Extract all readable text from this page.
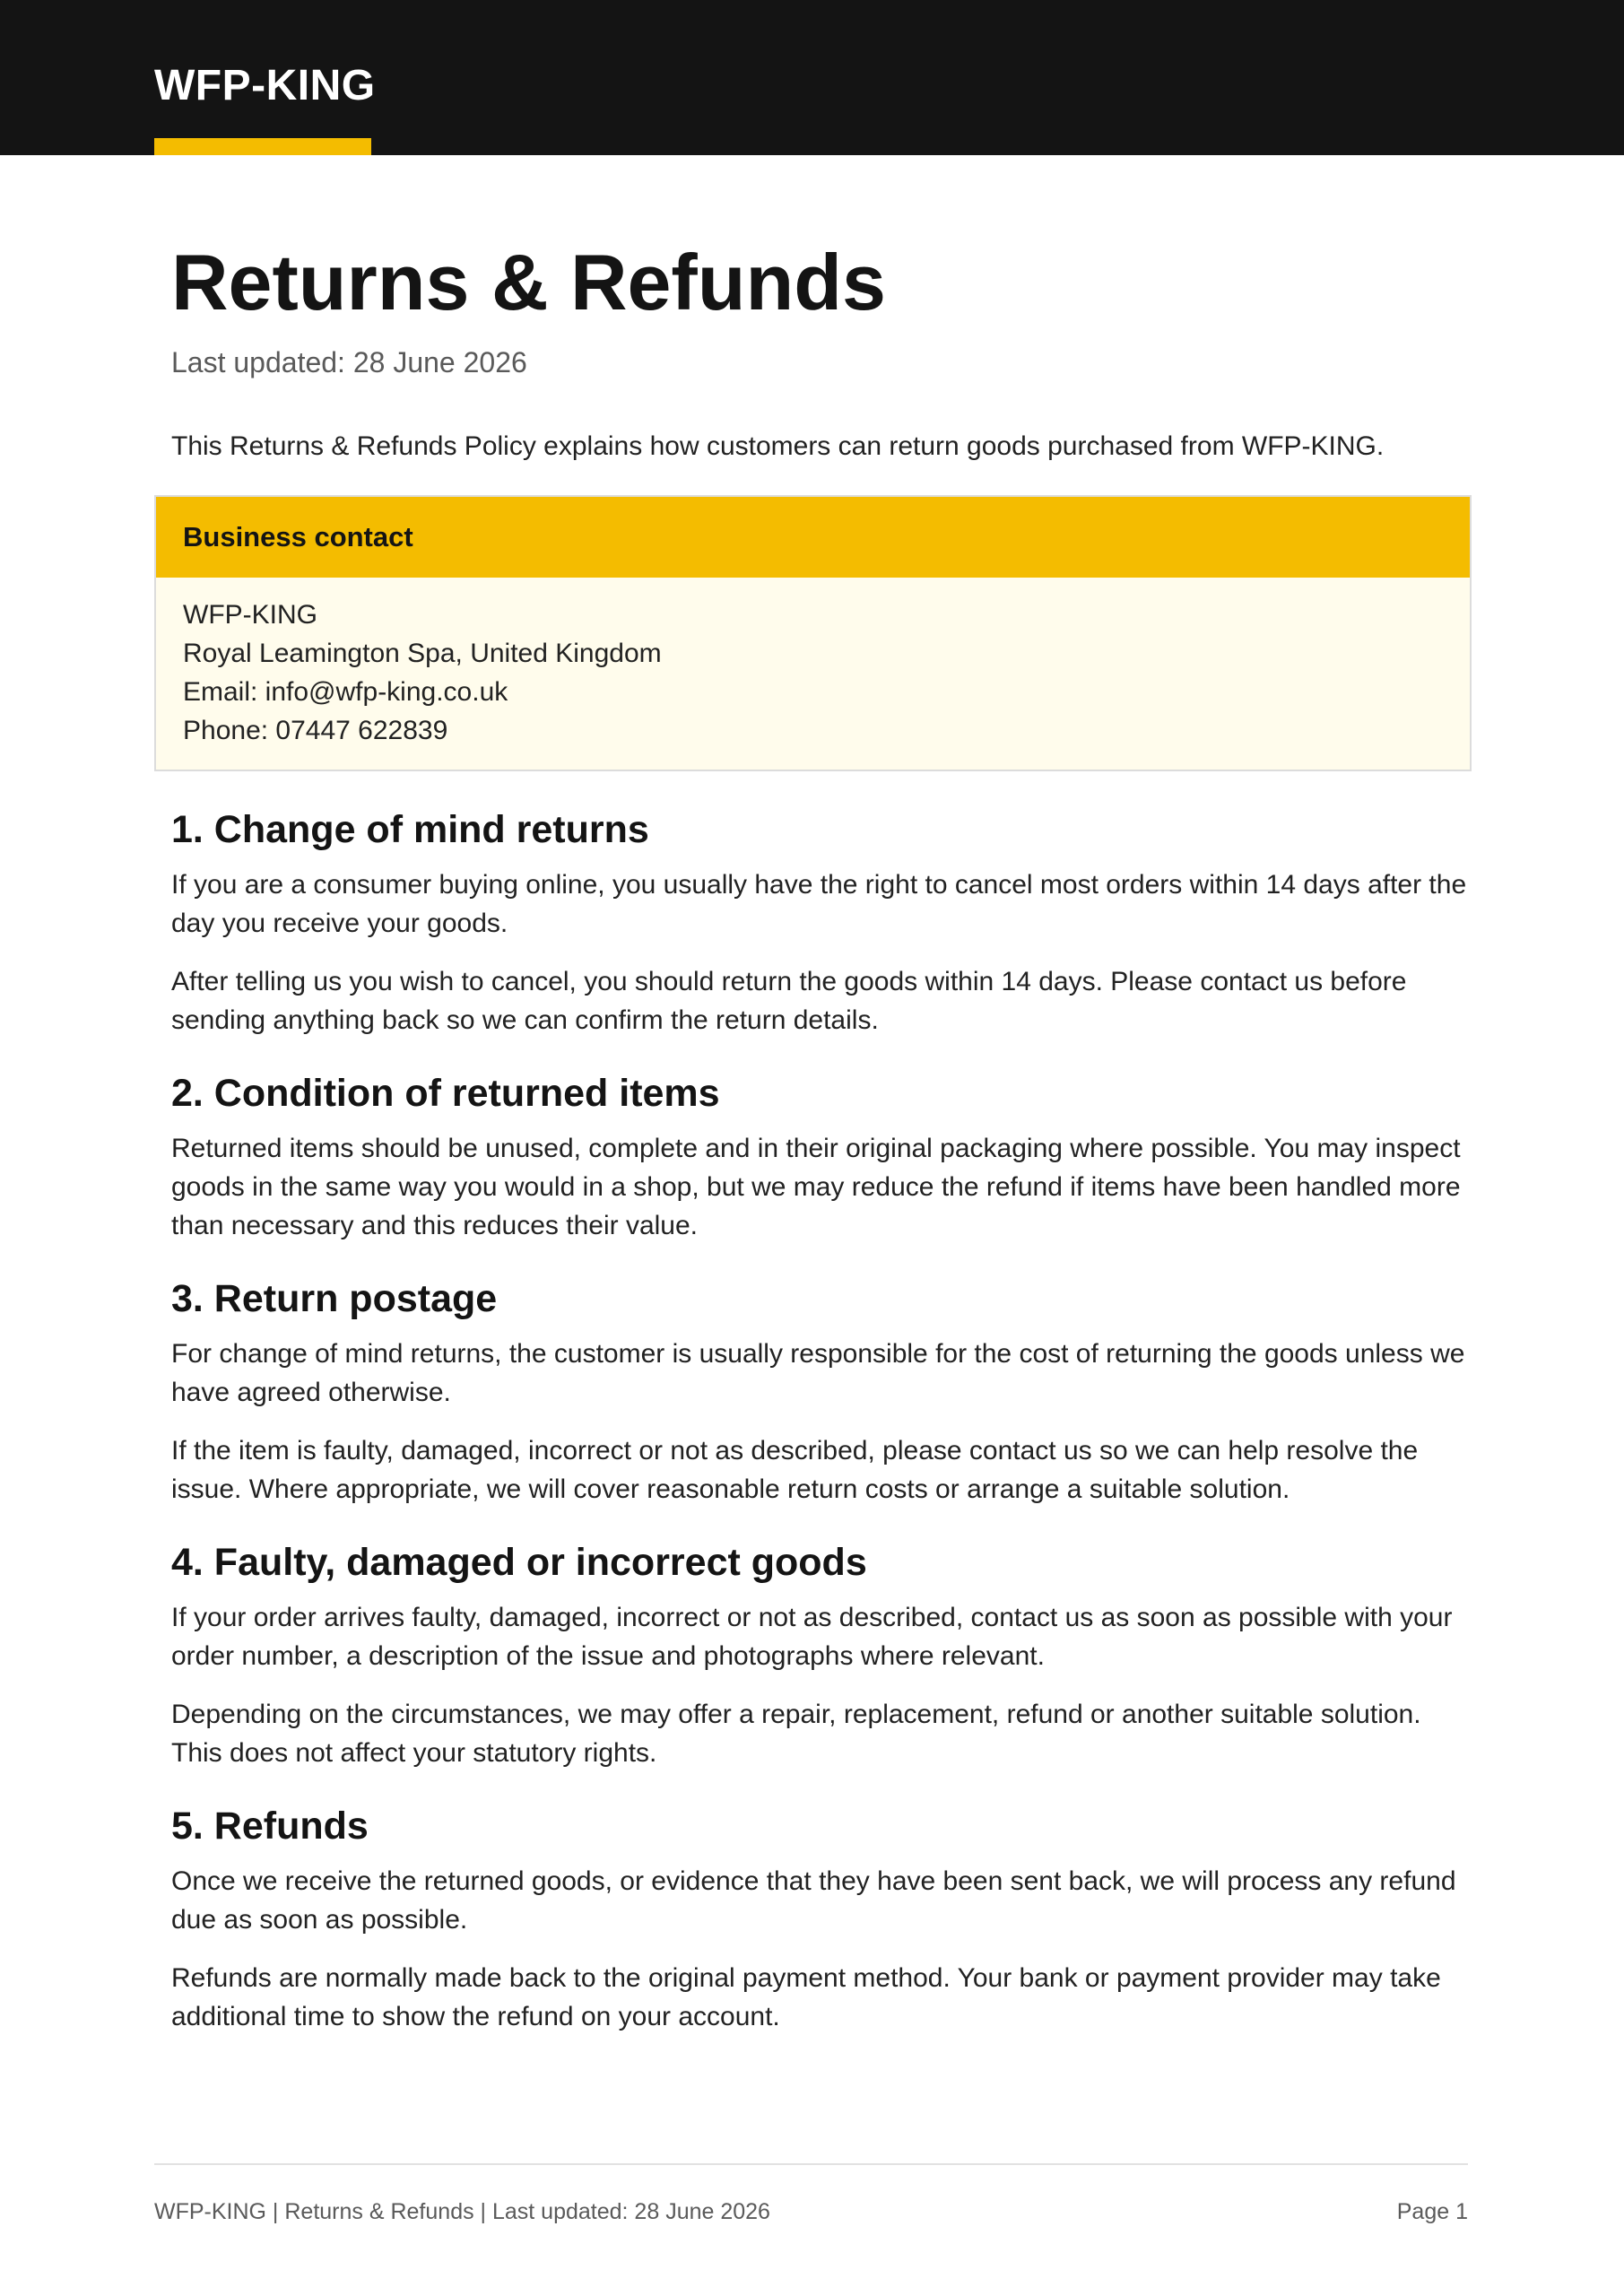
WFP-KING
Returns & Refunds
Last updated: 28 June 2026
This Returns & Refunds Policy explains how customers can return goods purchased from WFP-KING.
Business contact
WFP-KING
Royal Leamington Spa, United Kingdom
Email: info@wfp-king.co.uk
Phone: 07447 622839
1. Change of mind returns

If you are a consumer buying online, you usually have the right to cancel most orders within 14 days after the day you receive your goods.

After telling us you wish to cancel, you should return the goods within 14 days. Please contact us before sending anything back so we can confirm the return details.

2. Condition of returned items

Returned items should be unused, complete and in their original packaging where possible. You may inspect goods in the same way you would in a shop, but we may reduce the refund if items have been handled more than necessary and this reduces their value.

3. Return postage

For change of mind returns, the customer is usually responsible for the cost of returning the goods unless we have agreed otherwise.

If the item is faulty, damaged, incorrect or not as described, please contact us so we can help resolve the issue. Where appropriate, we will cover reasonable return costs or arrange a suitable solution.

4. Faulty, damaged or incorrect goods

If your order arrives faulty, damaged, incorrect or not as described, contact us as soon as possible with your order number, a description of the issue and photographs where relevant.

Depending on the circumstances, we may offer a repair, replacement, refund or another suitable solution. This does not affect your statutory rights.

5. Refunds

Once we receive the returned goods, or evidence that they have been sent back, we will process any refund due as soon as possible.

Refunds are normally made back to the original payment method. Your bank or payment provider may take additional time to show the refund on your account.

WFP-KING | Returns & Refunds | Last updated: 28 June 2026	Page 1
